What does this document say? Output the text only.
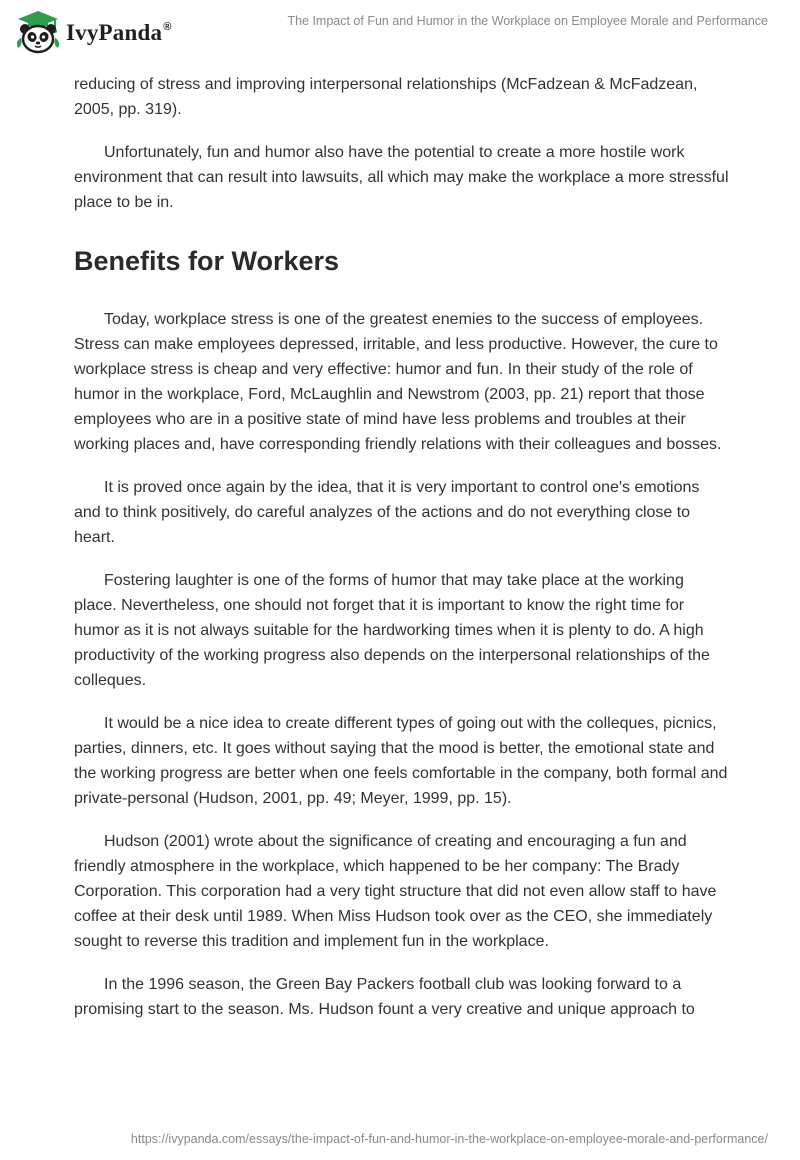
IvyPanda®	The Impact of Fun and Humor in the Workplace on Employee Morale and Performance

reducing of stress and improving interpersonal relationships (McFadzean & McFadzean, 2005, pp. 319).

Unfortunately, fun and humor also have the potential to create a more hostile work environment that can result into lawsuits, all which may make the workplace a more stressful place to be in.

Benefits for Workers

Today, workplace stress is one of the greatest enemies to the success of employees. Stress can make employees depressed, irritable, and less productive. However, the cure to workplace stress is cheap and very effective: humor and fun. In their study of the role of humor in the workplace, Ford, McLaughlin and Newstrom (2003, pp. 21) report that those employees who are in a positive state of mind have less problems and troubles at their working places and, have corresponding friendly relations with their colleagues and bosses.

It is proved once again by the idea, that it is very important to control one's emotions and to think positively, do careful analyzes of the actions and do not everything close to heart.

Fostering laughter is one of the forms of humor that may take place at the working place. Nevertheless, one should not forget that it is important to know the right time for humor as it is not always suitable for the hardworking times when it is plenty to do. A high productivity of the working progress also depends on the interpersonal relationships of the colleques.

It would be a nice idea to create different types of going out with the colleques, picnics, parties, dinners, etc. It goes without saying that the mood is better, the emotional state and the working progress are better when one feels comfortable in the company, both formal and private-personal (Hudson, 2001, pp. 49; Meyer, 1999, pp. 15).

Hudson (2001) wrote about the significance of creating and encouraging a fun and friendly atmosphere in the workplace, which happened to be her company: The Brady Corporation. This corporation had a very tight structure that did not even allow staff to have coffee at their desk until 1989. When Miss Hudson took over as the CEO, she immediately sought to reverse this tradition and implement fun in the workplace.

In the 1996 season, the Green Bay Packers football club was looking forward to a promising start to the season. Ms. Hudson fount a very creative and unique approach to

https://ivypanda.com/essays/the-impact-of-fun-and-humor-in-the-workplace-on-employee-morale-and-performance/
